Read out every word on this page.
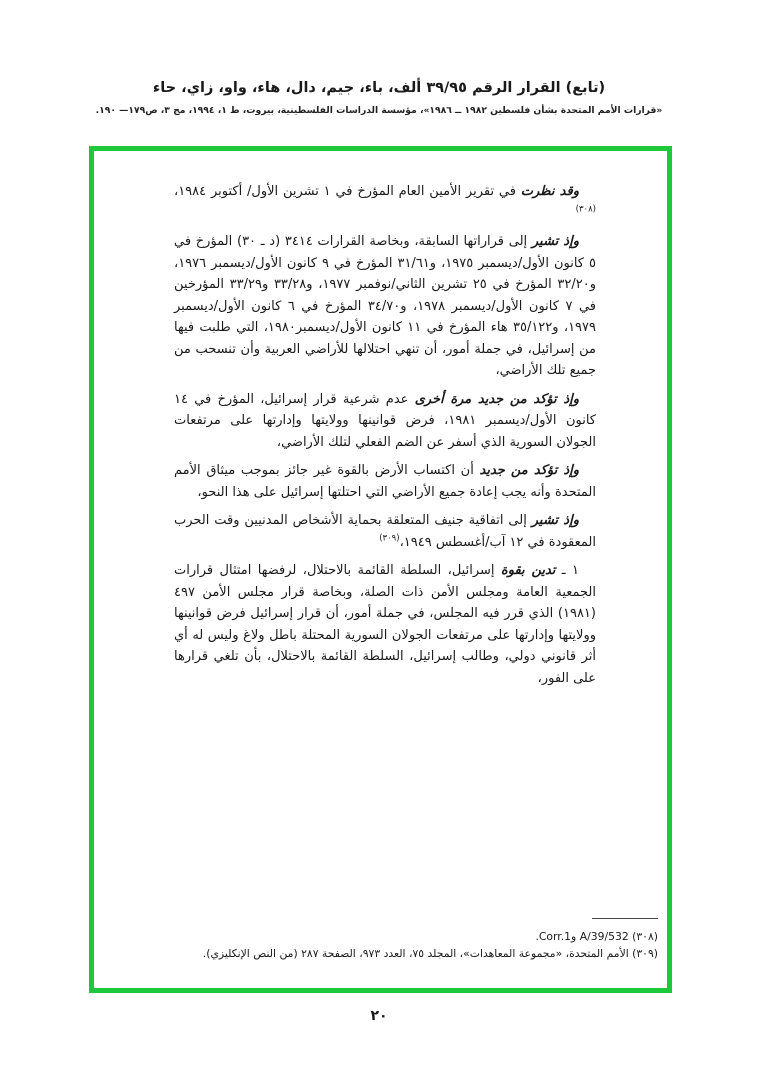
(تابع) القرار الرقم ٣٩/٩٥ ألف، باء، جيم، دال، هاء، واو، زاي، حاء
«قرارات الأمم المتحدة بشأن فلسطين ١٩٨٢ ــ ١٩٨٦»، مؤسسة الدراسات الفلسطينية، بيروت، ط ١، ١٩٩٤، مج ٣، ص١٧٩— ١٩٠.

وقد نظرت في تقرير الأمين العام المؤرخ في ١ تشرين الأول/ أكتوبر ١٩٨٤،$^{(٣٠٨)}$

وإذ تشير إلى قراراتها السابقة، وبخاصة القرارات ٣٤١٤ (د ـ ٣٠) المؤرخ في ٥ كانون الأول/ديسمبر ١٩٧٥، و٣١/٦١ المؤرخ في ٩ كانون الأول/ديسمبر ١٩٧٦، و٣٢/٢٠ المؤرخ في ٢٥ تشرين الثاني/نوفمبر ١٩٧٧، و٣٣/٢٨ و٣٣/٢٩ المؤرخين في ٧ كانون الأول/ديسمبر ١٩٧٨، و٣٤/٧٠ المؤرخ في ٦ كانون الأول/ديسمبر ١٩٧٩، و٣٥/١٢٢ هاء المؤرخ في ١١ كانون الأول/ديسمبر١٩٨٠، التي طلبت فيها من إسرائيل، في جملة أمور، أن تنهي احتلالها للأراضي العربية وأن تنسحب من جميع تلك الأراضي،

وإذ تؤكد من جديد مرة أخرى عدم شرعية قرار إسرائيل، المؤرخ في ١٤ كانون الأول/ديسمبر ١٩٨١، فرض قوانينها وولايتها وإدارتها على مرتفعات الجولان السورية الذي أسفر عن الضم الفعلي لتلك الأراضي،

وإذ تؤكد من جديد أن اكتساب الأرض بالقوة غير جائز بموجب ميثاق الأمم المتحدة وأنه يجب إعادة جميع الأراضي التي احتلتها إسرائيل على هذا النحو،

وإذ تشير إلى اتفاقية جنيف المتعلقة بحماية الأشخاص المدنيين وقت الحرب المعقودة في ١٢ آب/أغسطس ١٩٤٩،$^{(٣٠٩)}$

١ ـ تدين بقوة إسرائيل، السلطة القائمة بالاحتلال، لرفضها امتثال قرارات الجمعية العامة ومجلس الأمن ذات الصلة، وبخاصة قرار مجلس الأمن ٤٩٧ (١٩٨١) الذي قرر فيه المجلس، في جملة أمور، أن قرار إسرائيل فرض قوانينها وولايتها وإدارتها على مرتفعات الجولان السورية المحتلة باطل ولاغ وليس له أي أثر قانوني دولي، وطالب إسرائيل، السلطة القائمة بالاحتلال، بأن تلغي قرارها على الفور،

(٣٠٨) A/39/532 وCorr.1.

(٣٠٩) الأمم المتحدة، «مجموعة المعاهدات»، المجلد ٧٥، العدد ٩٧٣، الصفحة ٢٨٧ (من النص الإنكليزي).

٢٠
